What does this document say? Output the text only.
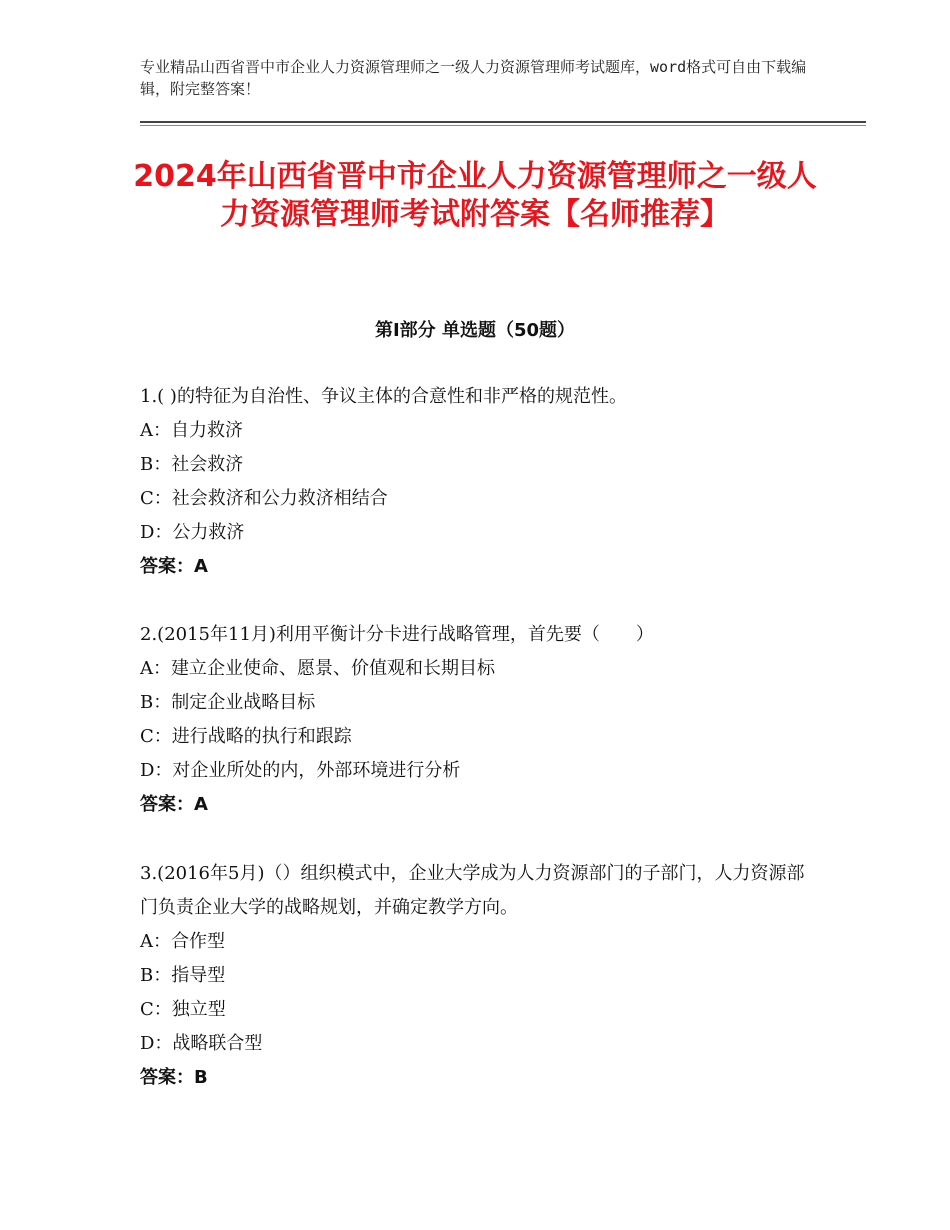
专业精品山西省晋中市企业人力资源管理师之一级人力资源管理师考试题库，word格式可自由下载编辑，附完整答案！
2024年山西省晋中市企业人力资源管理师之一级人力资源管理师考试附答案【名师推荐】
第Ⅰ部分 单选题（50题）
1.( )的特征为自治性、争议主体的合意性和非严格的规范性。
A：自力救济
B：社会救济
C：社会救济和公力救济相结合
D：公力救济
答案：A
2.(2015年11月)利用平衡计分卡进行战略管理，首先要（　　）
A：建立企业使命、愿景、价值观和长期目标
B：制定企业战略目标
C：进行战略的执行和跟踪
D：对企业所处的内，外部环境进行分析
答案：A
3.(2016年5月)（）组织模式中，企业大学成为人力资源部门的子部门，人力资源部门负责企业大学的战略规划，并确定教学方向。
A：合作型
B：指导型
C：独立型
D：战略联合型
答案：B
